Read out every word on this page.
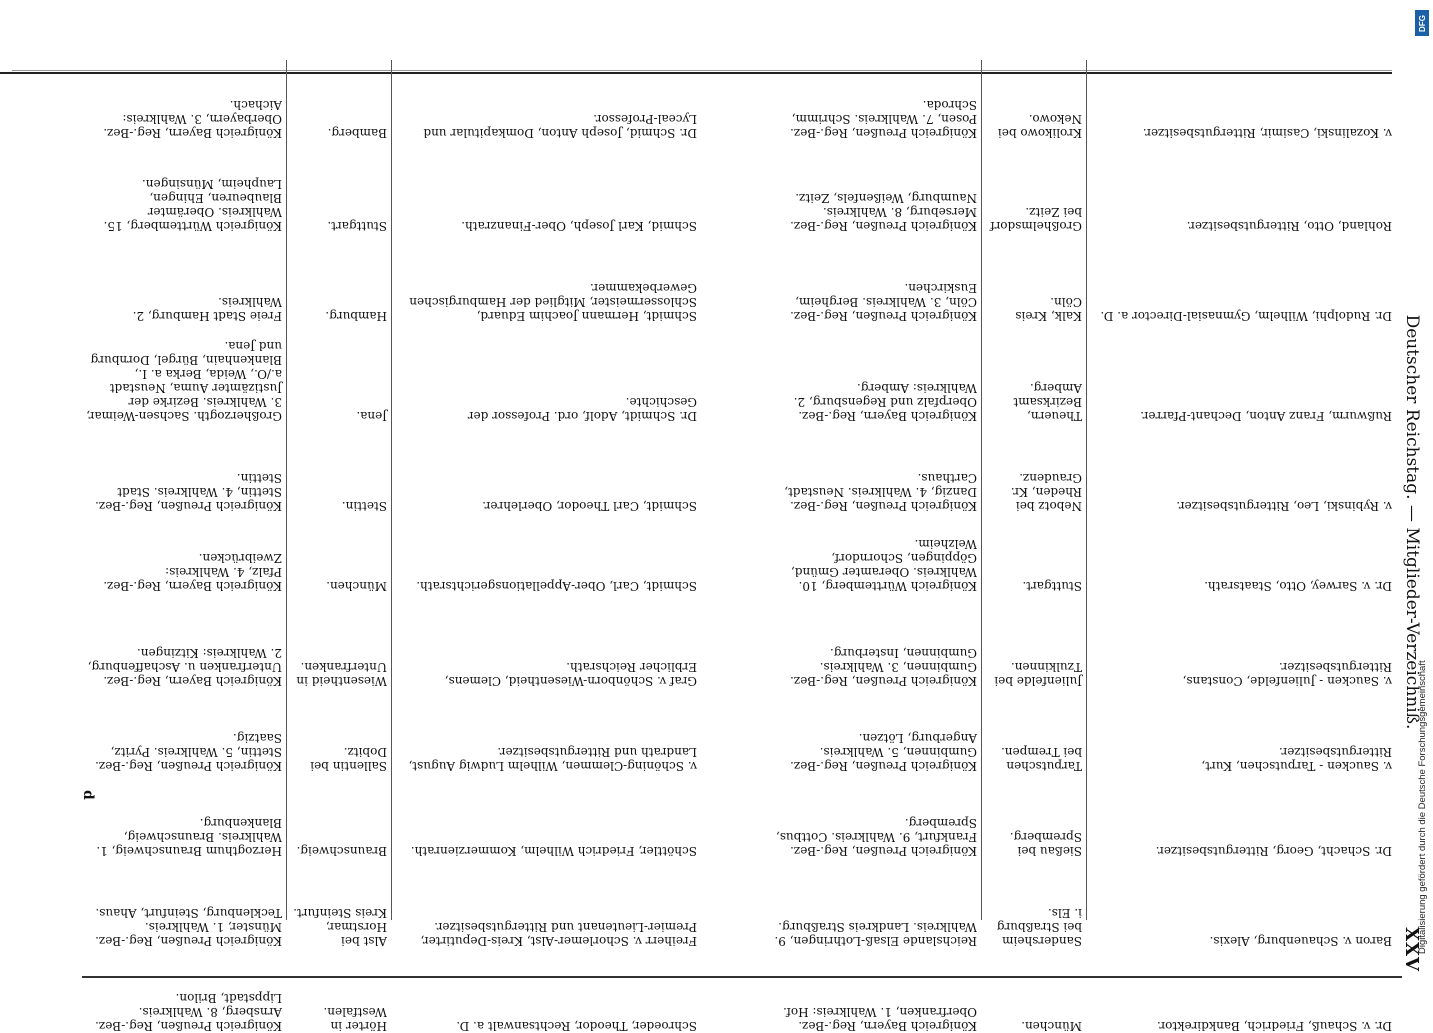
Deutscher Reichstag. — Mitglieder-Verzeichniß.
XXV
v. Kozalinski, Casimir, Rittergutsbesitzer.
Krolikowo bei Nekowo.
Königreich Preußen, Reg.-Bez. Posen, 7. Wahlkreis. Schrimm, Schroda.
Rohland, Otto, Rittergutsbesitzer.
Großhelmsdorf bei Zeitz.
Königreich Preußen, Reg.-Bez. Merseburg, 8. Wahlkreis. Naumburg, Weißenfels, Zeitz.
Dr. Rudolphi, Wilhelm, Gymnasial-Director a. D.
Kalk, Kreis Cöln.
Königreich Preußen, Reg.-Bez. Cöln, 3. Wahlkreis. Bergheim, Euskirchen.
Rußwurm, Franz Anton, Dechant-Pfarrer.
Theuern, Bezirksamt Amberg.
Königreich Bayern, Reg.-Bez. Oberpfalz und Regensburg, 2. Wahlkreis: Amberg.
v. Rybinski, Leo, Rittergutsbesitzer.
Nebotz bei Rheden, Kr. Graudenz.
Königreich Preußen, Reg.-Bez. Danzig, 4. Wahlkreis. Neustadt, Carthaus.
Dr. v. Sarwey, Otto, Staatsrath.
Stuttgart.
Königreich Württemberg, 10. Wahlkreis. Oberamter Gmünd, Göppingen, Schorndorf, Welzheim.
v. Saucken - Julienfelde, Constans, Rittergutsbesitzer.
Julienfelde bei Tzulkinnen.
Königreich Preußen, Reg.-Bez. Gumbinnen, 3. Wahlkreis. Gumbinnen, Insterburg.
v. Saucken - Tarputschen, Kurt, Rittergutsbesitzer.
Tarputschen bei Trempen.
Königreich Preußen, Reg.-Bez. Gumbinnen, 5. Wahlkreis. Angerburg, Lötzen.
Dr. Schacht, Georg, Rittergutsbesitzer.
Sießau bei Spremberg.
Königreich Preußen, Reg.-Bez. Frankfurt, 9. Wahlkreis. Cottbus, Spremberg.
Baron v. Schauenburg, Alexis.
Sandersheim bei Straßburg i. Els.
Reichslande Elsaß-Lothringen, 9. Wahlkreis. Landkreis Straßburg.
Dr. v. Schauß, Friedrich, Bankdirektor.
München.
Königreich Bayern, Reg.-Bez. Oberfranken, 1. Wahlkreis: Hof.
Dr. Schmid, Joseph Anton, Domkapitular und Lyceal-Professor.
Bamberg.
Königreich Bayern, Reg.-Bez. Oberbayern, 3. Wahlkreis: Aichach.
Schmid, Karl Joseph, Ober-Finanzrath.
Stuttgart.
Königreich Württemberg, 15. Wahlkreis. Oberämter Blaubeuren, Ehingen, Laupheim, Münsingen.
Schmidt, Hermann Joachim Eduard, Schlossermeister, Mitglied der Hamburgischen Gewerbekammer.
Hamburg.
Freie Stadt Hamburg, 2. Wahlkreis.
Dr. Schmidt, Adolf, ord. Professor der Geschichte.
Jena.
Großherzogth. Sachsen-Weimar, 3. Wahlkreis. Bezirke der Justizämter Auma, Neustadt a./O., Weida, Berka a. I., Blankenhain, Bürgel, Dornburg und Jena.
Schmidt, Carl Theodor, Oberlehrer.
Stettin.
Königreich Preußen, Reg.-Bez. Stettin, 4. Wahlkreis. Stadt Stettin.
Schmidt, Carl, Ober-Appellationsgerichtsrath.
München.
Königreich Bayern, Reg.-Bez. Pfalz, 4. Wahlkreis: Zweibrücken.
Graf v. Schönborn-Wiesentheid, Clemens, Erblicher Reichsrath.
Wiesentheid in Unterfranken.
Königreich Bayern, Reg.-Bez. Unterfranken u. Aschaffenburg, 2. Wahlkreis: Kitzingen.
v. Schöning-Clemmen, Wilhelm Ludwig August, Landrath und Rittergutsbesitzer.
Sallentin bei Dobitz.
Königreich Preußen, Reg.-Bez. Stettin, 5. Wahlkreis. Pyritz, Saatzig.
Schöttler, Friedrich Wilhelm, Kommerzienrath.
Braunschweig.
Herzogthum Braunschweig, 1. Wahlkreis. Braunschweig, Blankenburg.
Freiherr v. Schorlemer-Alst, Kreis-Deputirter, Premier-Lieutenant und Rittergutsbesitzer.
Alst bei Horstmar, Kreis Steinfurt.
Königreich Preußen, Reg.-Bez. Münster, 1. Wahlkreis. Tecklenburg, Steinfurt, Ahaus.
Schroeder, Theodor, Rechtsanwalt a. D.
Hörter in Westfalen.
Königreich Preußen, Reg.-Bez. Arnsberg, 8. Wahlkreis. Lippstadt, Brilon.
d
DFG
Digitalisierung gefördert durch die Deutsche Forschungsgemeinschaft
